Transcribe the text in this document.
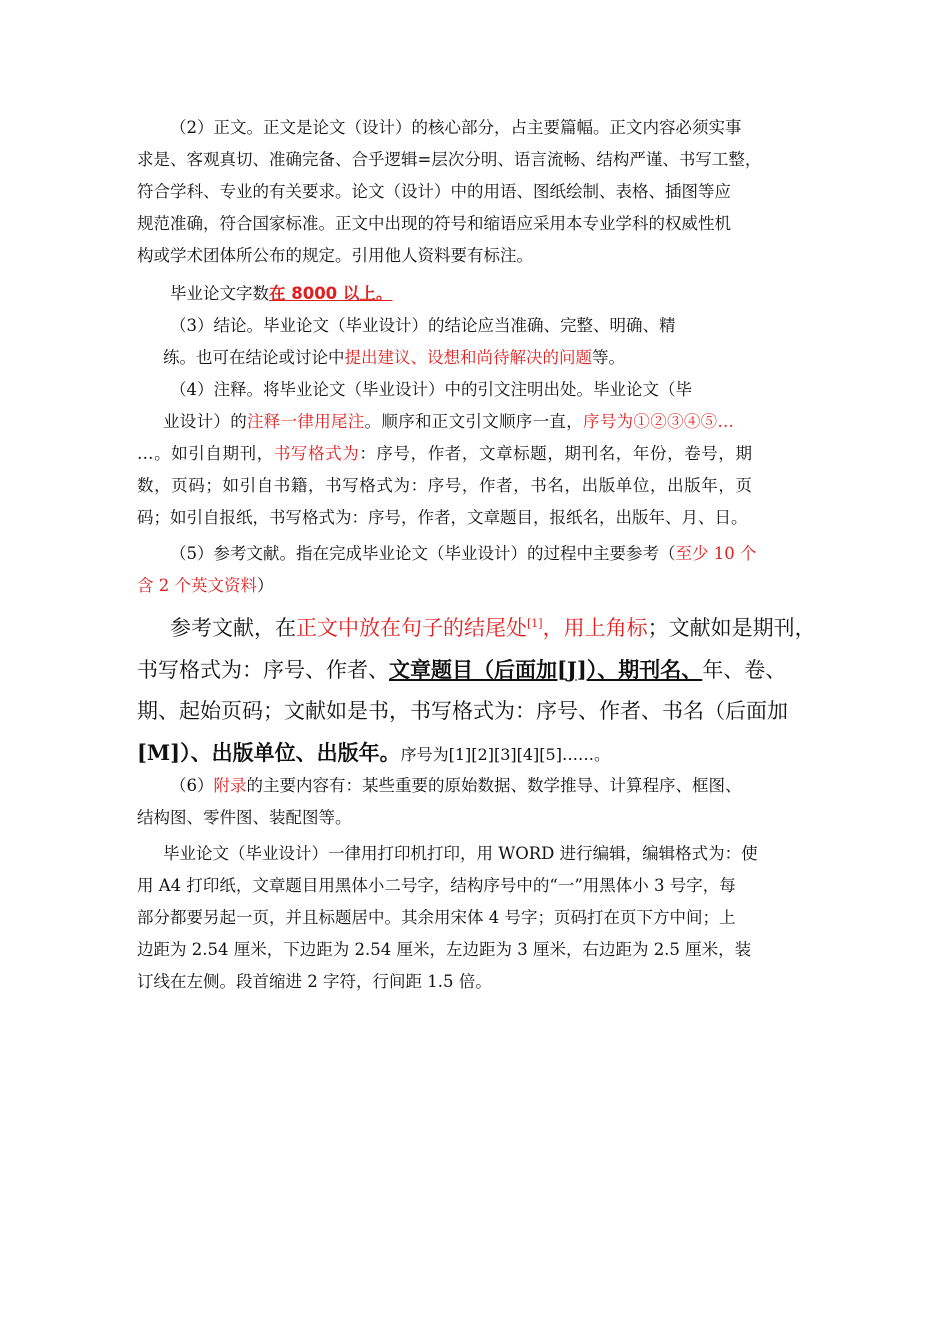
（2）正文。正文是论文（设计）的核心部分，占主要篇幅。正文内容必须实事
求是、客观真切、准确完备、合乎逻辑=层次分明、语言流畅、结构严谨、书写工整，
符合学科、专业的有关要求。论文（设计）中的用语、图纸绘制、表格、插图等应
规范准确，符合国家标准。正文中出现的符号和缩语应采用本专业学科的权威性机
构或学术团体所公布的规定。引用他人资料要有标注。
毕业论文字数在 8000 以上。
（3）结论。毕业论文（毕业设计）的结论应当准确、完整、明确、精
练。也可在结论或讨论中提出建议、设想和尚待解决的问题等。
（4）注释。将毕业论文（毕业设计）中的引文注明出处。毕业论文（毕
业设计）的注释一律用尾注。顺序和正文引文顺序一直，序号为①②③④⑤…
…。如引自期刊，书写格式为：序号，作者，文章标题，期刊名，年份，卷号，期
数，页码；如引自书籍，书写格式为：序号，作者，书名，出版单位，出版年，页
码；如引自报纸，书写格式为：序号，作者，文章题目，报纸名，出版年、月、日。
（5）参考文献。指在完成毕业论文（毕业设计）的过程中主要参考（至少 10 个
含 2 个英文资料）
参考文献，在正文中放在句子的结尾处[1]，用上角标；文献如是期刊，
书写格式为：序号、作者、文章题目（后面加[J]）、期刊名、年、卷、
期、起始页码；文献如是书，书写格式为：序号、作者、书名（后面加
[M]）、出版单位、出版年。序号为[1][2][3][4][5]……。
（6）附录的主要内容有：某些重要的原始数据、数学推导、计算程序、框图、
结构图、零件图、装配图等。
毕业论文（毕业设计）一律用打印机打印，用 WORD 进行编辑，编辑格式为：使
用 A4 打印纸，文章题目用黑体小二号字，结构序号中的“一”用黑体小 3 号字，每
部分都要另起一页，并且标题居中。其余用宋体 4 号字；页码打在页下方中间；上
边距为 2.54 厘米，下边距为 2.54 厘米，左边距为 3 厘米，右边距为 2.5 厘米，装
订线在左侧。段首缩进 2 字符，行间距 1.5 倍。
